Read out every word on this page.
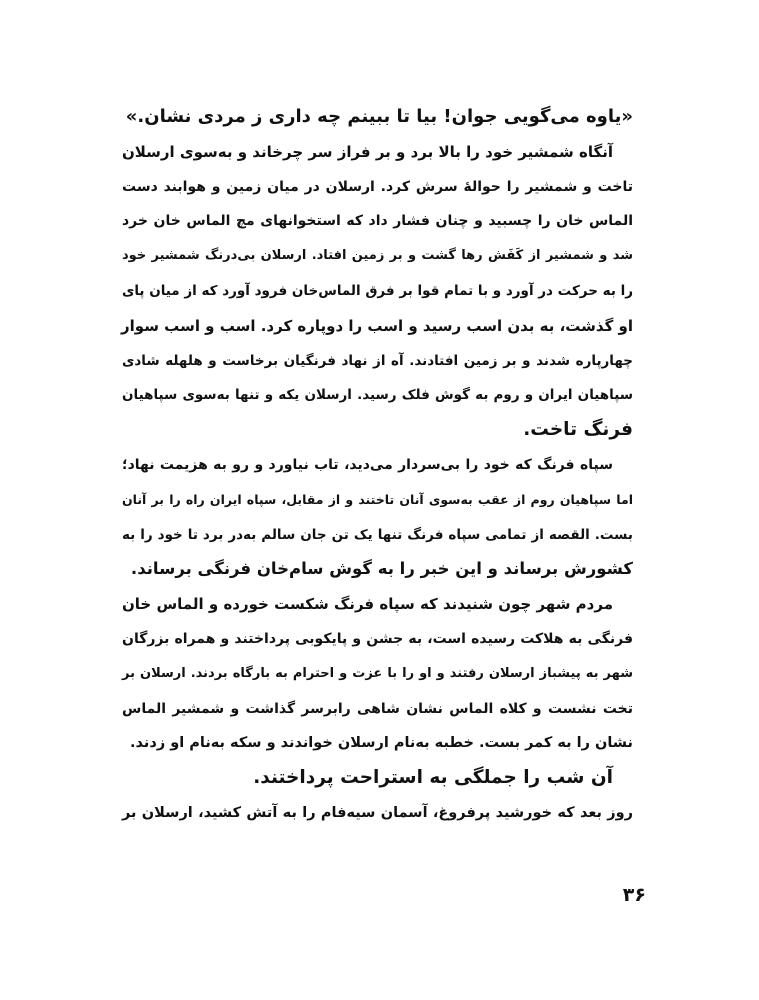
«یاوه می‌گویی جوان! بیا تا ببینم چه داری ز مردی نشان.»
آنگاه شمشیر خود را بالا برد و بر فراز سر چرخاند و به‌سوی ارسلان
تاخت و شمشیر را حوالهٔ سرش کرد. ارسلان در میان زمین و هوابند دست
الماس خان را چسبید و چنان فشار داد که استخوانهای مچ الماس خان خرد
شد و شمشیر از کَفَش رها گشت و بر زمین افتاد. ارسلان بی‌درنگ شمشیر خود
را به حرکت در آورد و با تمام قوا بر فرق الماس‌خان فرود آورد که از میان پای
او گذشت، به بدن اسب رسید و اسب را دوپاره کرد. اسب و اسب سوار
چهارپاره شدند و بر زمین افتادند. آه از نهاد فرنگیان برخاست و هلهله شادی
سپاهیان ایران و روم به گوش فلک رسید. ارسلان یکه و تنها به‌سوی سپاهیان
فرنگ تاخت.
سپاه فرنگ که خود را بی‌سردار می‌دید، تاب نیاورد و رو به هزیمت نهاد؛
اما سپاهیان روم از عقب به‌سوی آنان تاختند و از مقابل، سپاه ایران راه را بر آنان
بست. القصه از تمامی سپاه فرنگ تنها یک تن جان سالم به‌در برد تا خود را به
کشورش برساند و این خبر را به گوش سام‌خان فرنگی برساند.
مردم شهر چون شنیدند که سپاه فرنگ شکست خورده و الماس خان
فرنگی به هلاکت رسیده است، به جشن و پایکوبی پرداختند و همراه بزرگان
شهر به پیشباز ارسلان رفتند و او را با عزت و احترام به بارگاه بردند. ارسلان بر
تخت نشست و کلاه الماس نشان شاهی رابرسر گذاشت و شمشیر الماس
نشان را به کمر بست. خطبه به‌نام ارسلان خواندند و سکه به‌نام او زدند.
آن شب را جملگی به استراحت پرداختند.
روز بعد که خورشید پرفروغ، آسمان سیه‌فام را به آتش کشید، ارسلان بر
۳۶
